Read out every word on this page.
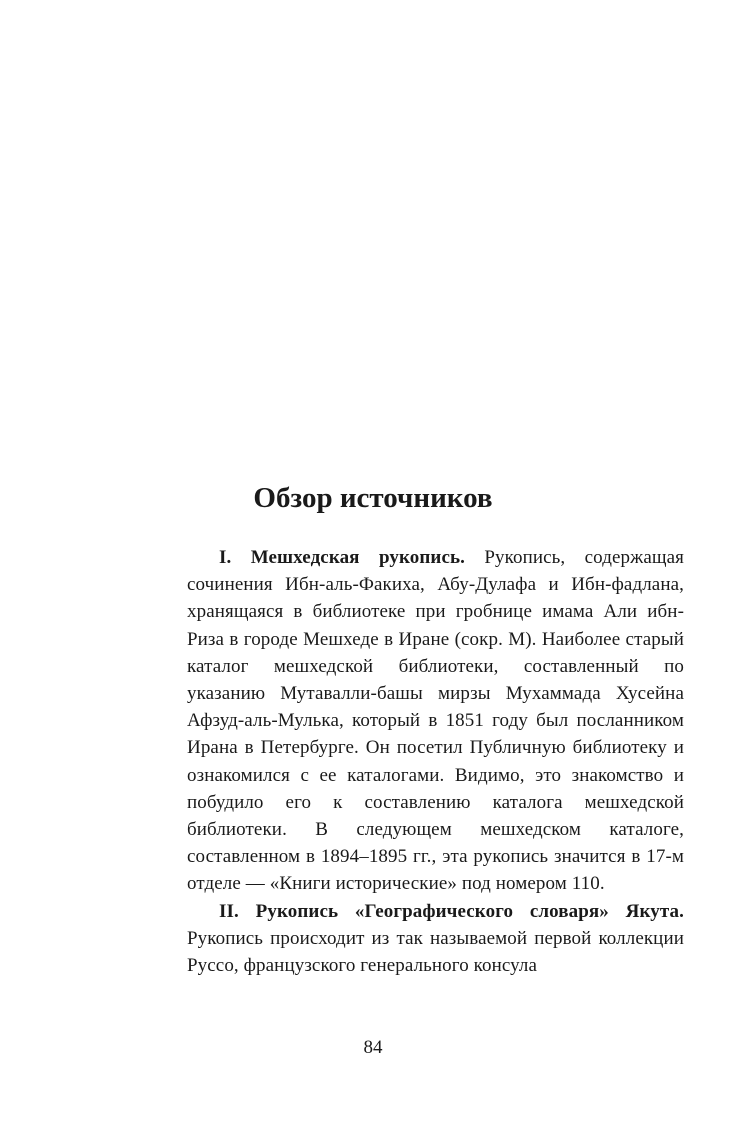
Обзор источников

I. Мешхедская рукопись. Рукопись, содержащая сочинения Ибн-аль-Факиха, Абу-Дулафа и Ибн-фадлана, хранящаяся в библиотеке при гробнице имама Али ибн-Риза в городе Мешхеде в Иране (сокр. М). Наиболее старый каталог мешхедской библиотеки, составленный по указанию Мутавалли-башы мирзы Мухаммада Хусейна Афзуд-аль-Мулька, который в 1851 году был посланником Ирана в Петербурге. Он посетил Публичную библиотеку и ознакомился с ее каталогами. Видимо, это знакомство и побудило его к составлению каталога мешхедской библиотеки. В следующем мешхедском каталоге, составленном в 1894–1895 гг., эта рукопись значится в 17-м отделе — «Книги исторические» под номером 110.

II. Рукопись «Географического словаря» Якута. Рукопись происходит из так называемой первой коллекции Руссо, французского генерального консула

84
